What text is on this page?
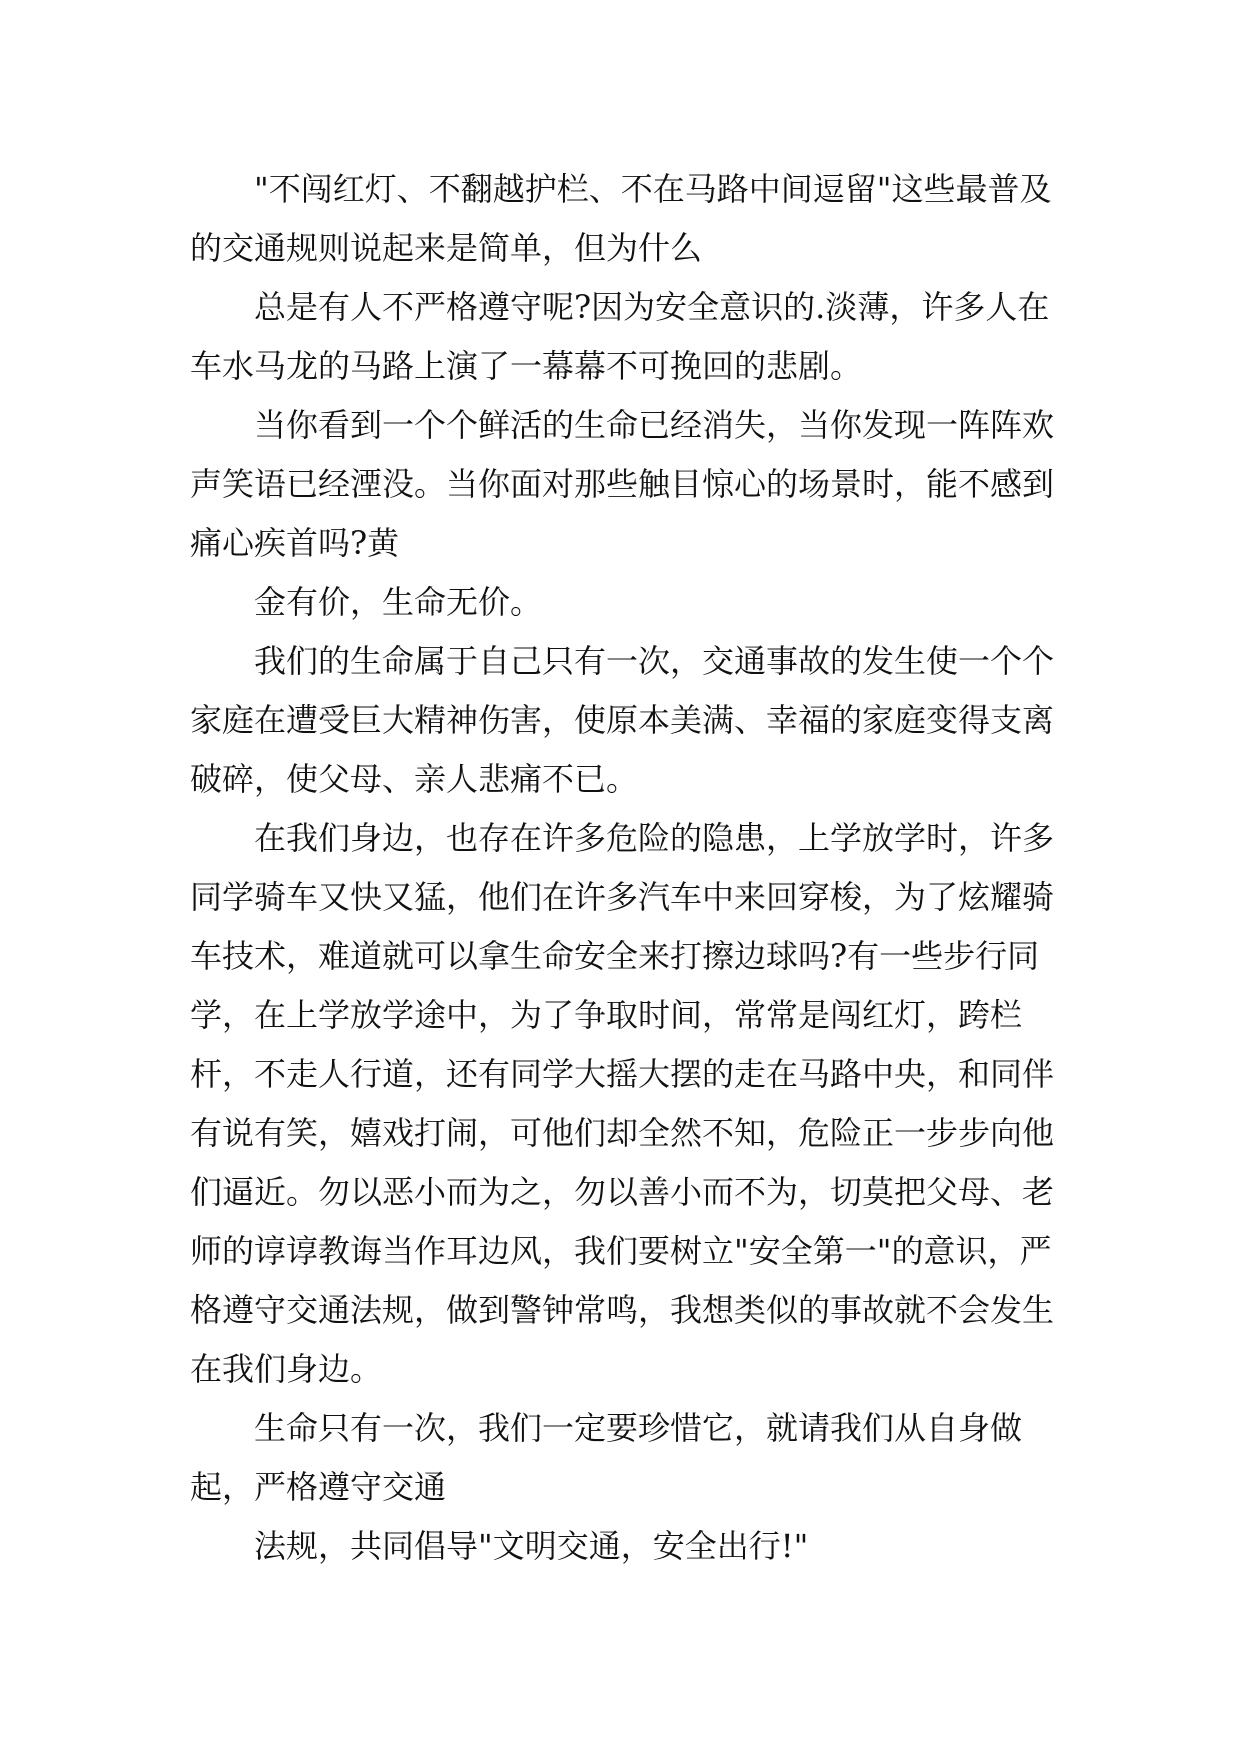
"不闯红灯、不翻越护栏、不在马路中间逗留"这些最普及的交通规则说起来是简单，但为什么

总是有人不严格遵守呢?因为安全意识的.淡薄，许多人在车水马龙的马路上演了一幕幕不可挽回的悲剧。

当你看到一个个鲜活的生命已经消失，当你发现一阵阵欢声笑语已经湮没。当你面对那些触目惊心的场景时，能不感到痛心疾首吗?黄

金有价，生命无价。

我们的生命属于自己只有一次，交通事故的发生使一个个家庭在遭受巨大精神伤害，使原本美满、幸福的家庭变得支离破碎，使父母、亲人悲痛不已。

在我们身边，也存在许多危险的隐患，上学放学时，许多同学骑车又快又猛，他们在许多汽车中来回穿梭，为了炫耀骑车技术，难道就可以拿生命安全来打擦边球吗?有一些步行同学，在上学放学途中，为了争取时间，常常是闯红灯，跨栏杆，不走人行道，还有同学大摇大摆的走在马路中央，和同伴有说有笑，嬉戏打闹，可他们却全然不知，危险正一步步向他们逼近。勿以恶小而为之，勿以善小而不为，切莫把父母、老师的谆谆教诲当作耳边风，我们要树立"安全第一"的意识，严格遵守交通法规，做到警钟常鸣，我想类似的事故就不会发生在我们身边。

生命只有一次，我们一定要珍惜它，就请我们从自身做起，严格遵守交通

法规，共同倡导"文明交通，安全出行!"
